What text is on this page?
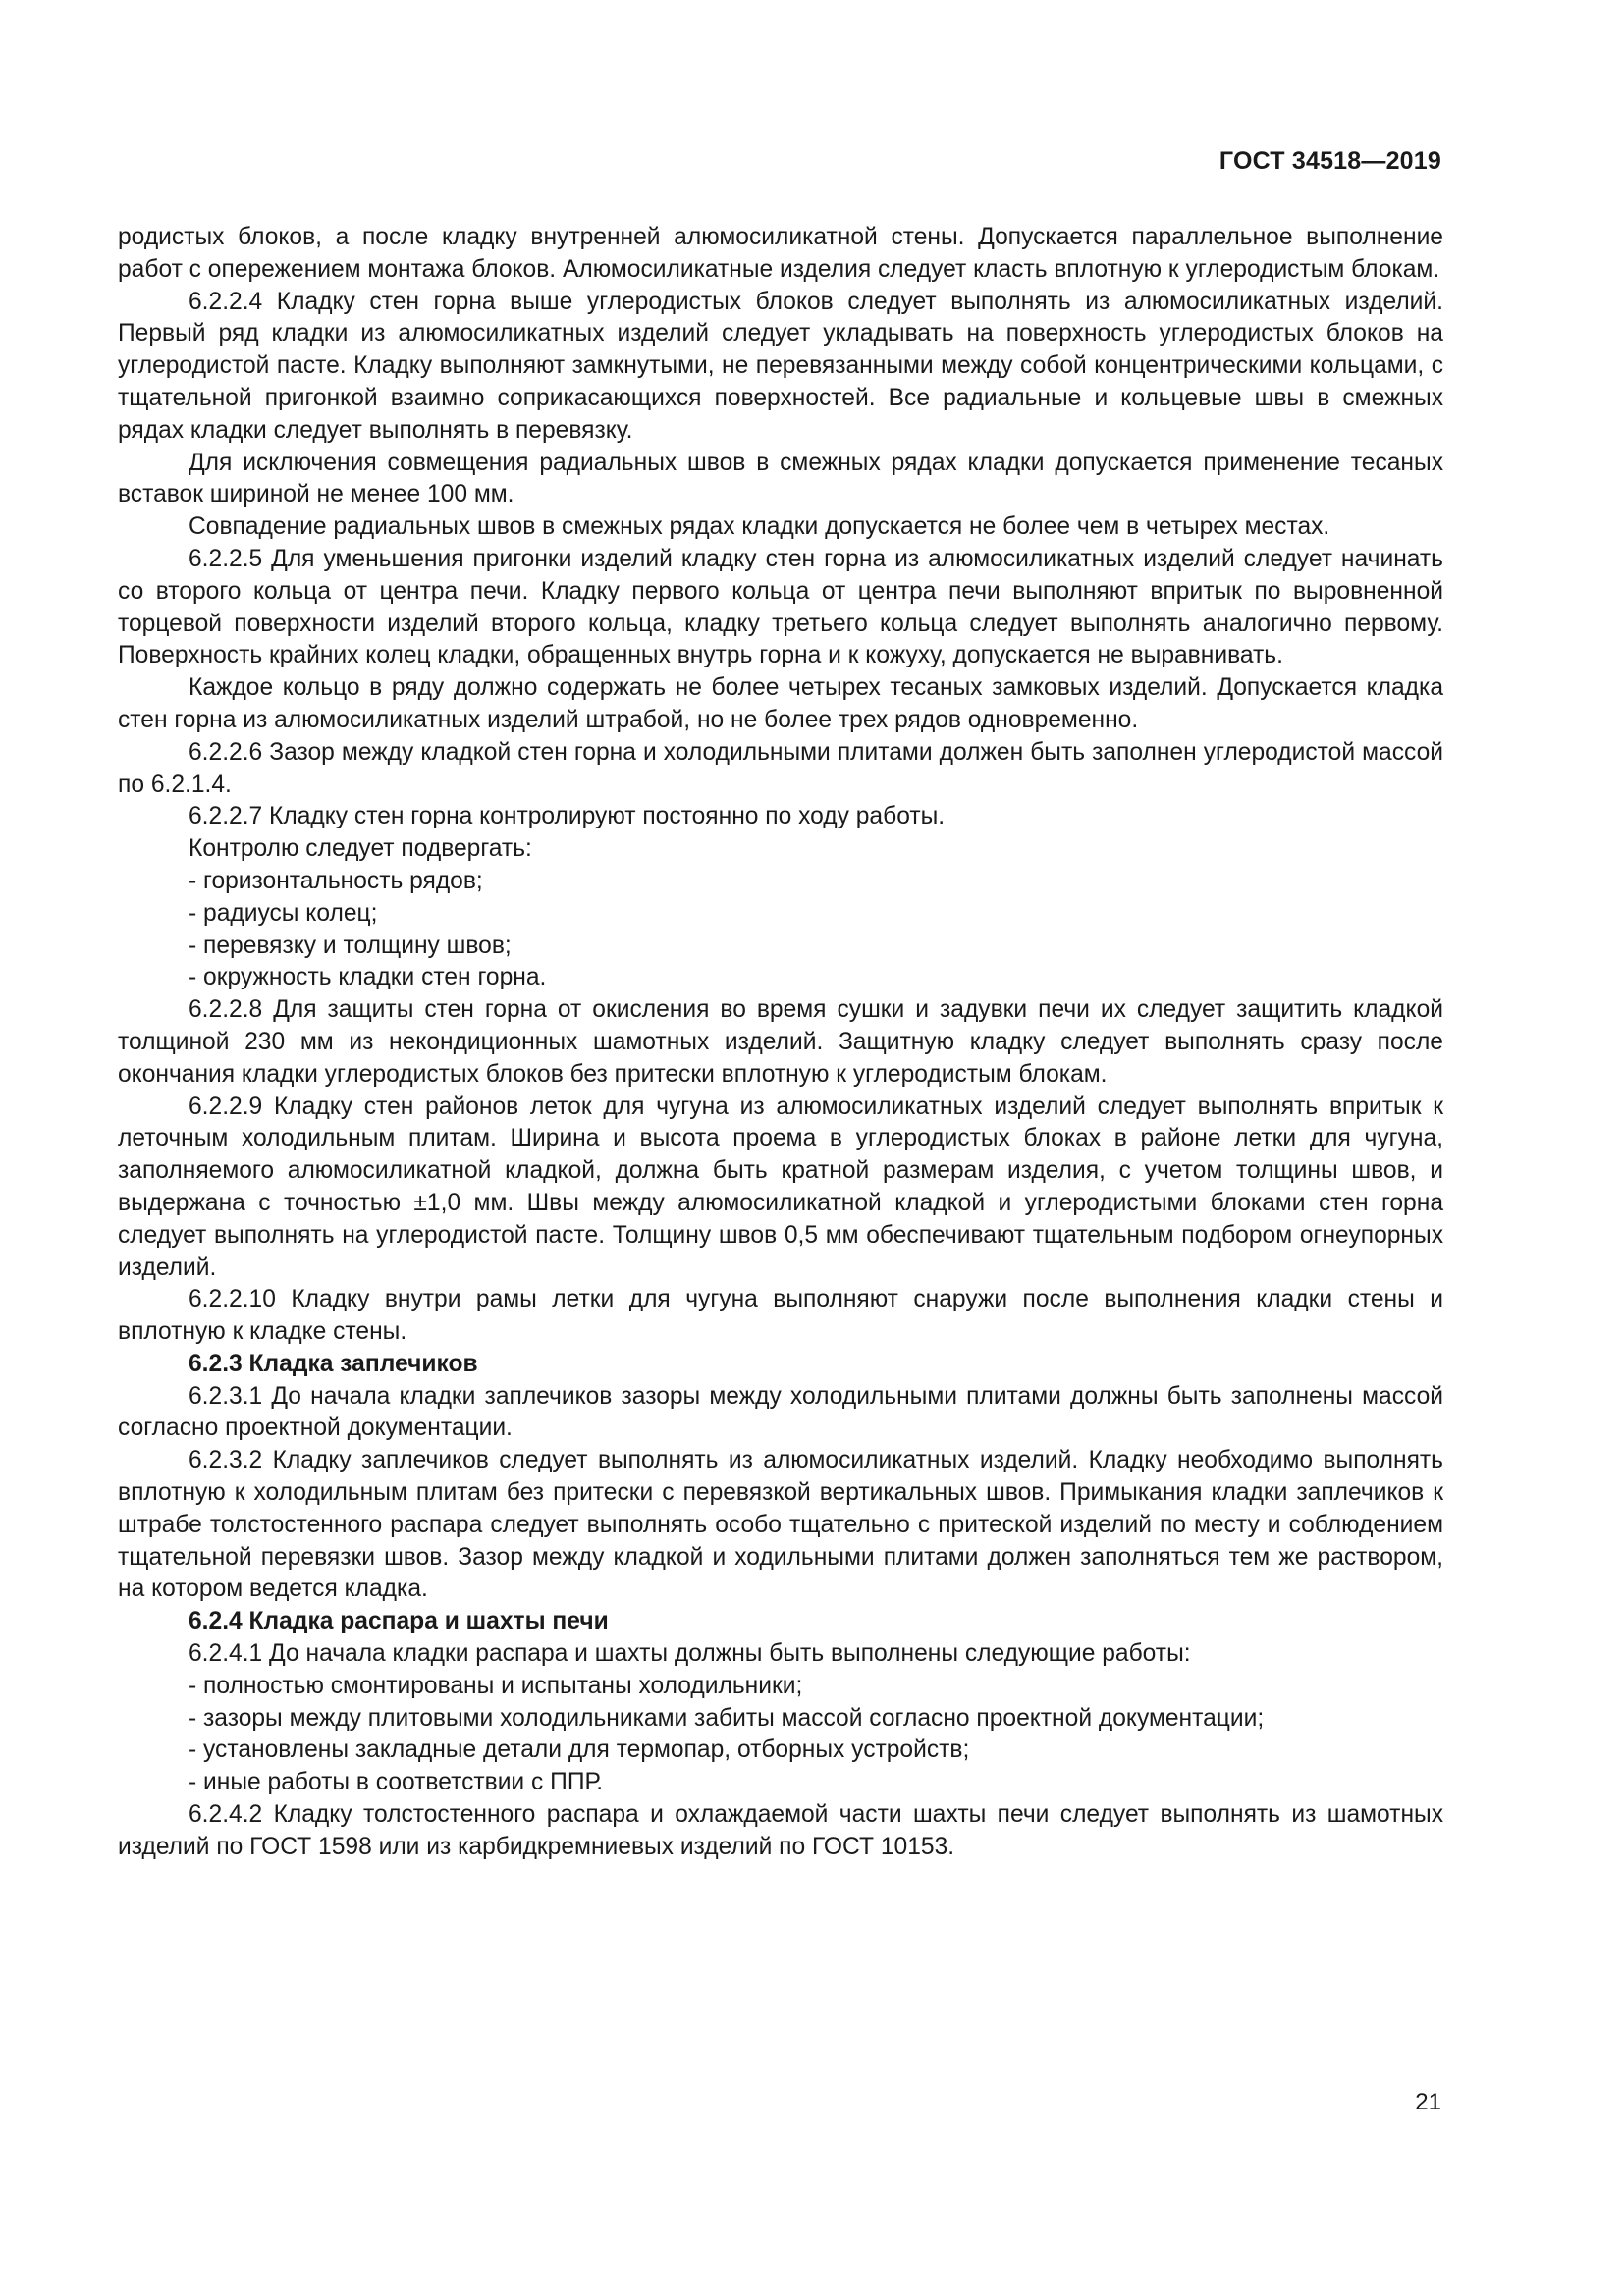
ГОСТ 34518—2019

родистых блоков, а после кладку внутренней алюмосиликатной стены. Допускается параллельное выполнение работ с опережением монтажа блоков. Алюмосиликатные изделия следует класть вплотную к углеродистым блокам.

6.2.2.4 Кладку стен горна выше углеродистых блоков следует выполнять из алюмосиликатных изделий. Первый ряд кладки из алюмосиликатных изделий следует укладывать на поверхность углеродистых блоков на углеродистой пасте. Кладку выполняют замкнутыми, не перевязанными между собой концентрическими кольцами, с тщательной пригонкой взаимно соприкасающихся поверхностей. Все радиальные и кольцевые швы в смежных рядах кладки следует выполнять в перевязку.

Для исключения совмещения радиальных швов в смежных рядах кладки допускается применение тесаных вставок шириной не менее 100 мм.

Совпадение радиальных швов в смежных рядах кладки допускается не более чем в четырех местах.

6.2.2.5 Для уменьшения пригонки изделий кладку стен горна из алюмосиликатных изделий следует начинать со второго кольца от центра печи. Кладку первого кольца от центра печи выполняют впритык по выровненной торцевой поверхности изделий второго кольца, кладку третьего кольца следует выполнять аналогично первому. Поверхность крайних колец кладки, обращенных внутрь горна и к кожуху, допускается не выравнивать.

Каждое кольцо в ряду должно содержать не более четырех тесаных замковых изделий. Допускается кладка стен горна из алюмосиликатных изделий штрабой, но не более трех рядов одновременно.

6.2.2.6 Зазор между кладкой стен горна и холодильными плитами должен быть заполнен углеродистой массой по 6.2.1.4.

6.2.2.7 Кладку стен горна контролируют постоянно по ходу работы.

Контролю следует подвергать:

- горизонтальность рядов;

- радиусы колец;

- перевязку и толщину швов;

- окружность кладки стен горна.

6.2.2.8 Для защиты стен горна от окисления во время сушки и задувки печи их следует защитить кладкой толщиной 230 мм из некондиционных шамотных изделий. Защитную кладку следует выполнять сразу после окончания кладки углеродистых блоков без притески вплотную к углеродистым блокам.

6.2.2.9 Кладку стен районов леток для чугуна из алюмосиликатных изделий следует выполнять впритык к леточным холодильным плитам. Ширина и высота проема в углеродистых блоках в районе летки для чугуна, заполняемого алюмосиликатной кладкой, должна быть кратной размерам изделия, с учетом толщины швов, и выдержана с точностью ±1,0 мм. Швы между алюмосиликатной кладкой и углеродистыми блоками стен горна следует выполнять на углеродистой пасте. Толщину швов 0,5 мм обеспечивают тщательным подбором огнеупорных изделий.

6.2.2.10 Кладку внутри рамы летки для чугуна выполняют снаружи после выполнения кладки стены и вплотную к кладке стены.

6.2.3 Кладка заплечиков

6.2.3.1 До начала кладки заплечиков зазоры между холодильными плитами должны быть заполнены массой согласно проектной документации.

6.2.3.2 Кладку заплечиков следует выполнять из алюмосиликатных изделий. Кладку необходимо выполнять вплотную к холодильным плитам без притески с перевязкой вертикальных швов. Примыкания кладки заплечиков к штрабе толстостенного распара следует выполнять особо тщательно с притеской изделий по месту и соблюдением тщательной перевязки швов. Зазор между кладкой и ходильными плитами должен заполняться тем же раствором, на котором ведется кладка.

6.2.4 Кладка распара и шахты печи

6.2.4.1 До начала кладки распара и шахты должны быть выполнены следующие работы:

- полностью смонтированы и испытаны холодильники;

- зазоры между плитовыми холодильниками забиты массой согласно проектной документации;

- установлены закладные детали для термопар, отборных устройств;

- иные работы в соответствии с ППР.

6.2.4.2 Кладку толстостенного распара и охлаждаемой части шахты печи следует выполнять из шамотных изделий по ГОСТ 1598 или из карбидкремниевых изделий по ГОСТ 10153.

21
